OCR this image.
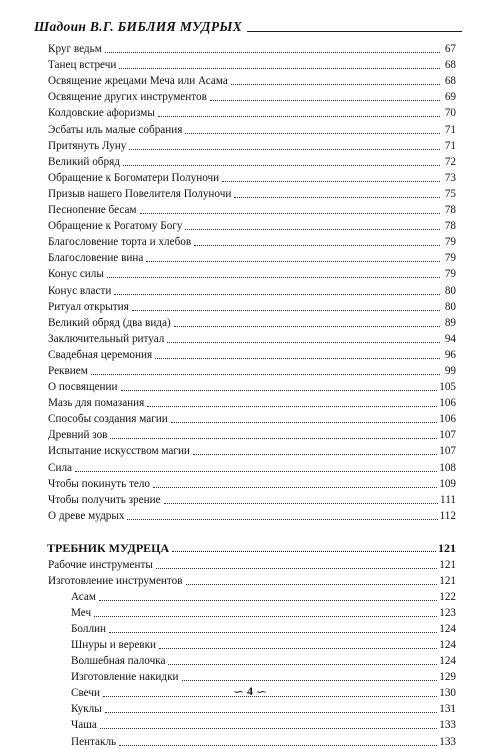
Шадоин В.Г. БИБЛИЯ МУДРЫХ
Круг ведьм	67
Танец встречи	68
Освящение жрецами Меча или Асама	68
Освящение других инструментов	69
Колдовские афоризмы	70
Эсбаты иль малые собрания	71
Притянуть Луну	71
Великий обряд	72
Обращение к Богоматери Полуночи	73
Призыв нашего Повелителя Полуночи	75
Песнопение бесам	78
Обращение к Рогатому Богу	78
Благословение торта и хлебов	79
Благословение вина	79
Конус силы	79
Конус власти	80
Ритуал открытия	80
Великий обряд (два вида)	89
Заключительный ритуал	94
Свадебная церемония	96
Реквием	99
О посвящении	105
Мазь для помазания	106
Способы создания магии	106
Древний зов	107
Испытание искусством магии	107
Сила	108
Чтобы покинуть тело	109
Чтобы получить зрение	111
О древе мудрых	112
ТРЕБНИК МУДРЕЦА	121
Рабочие инструменты	121
Изготовление инструментов	121
Асам	122
Меч	123
Боллин	124
Шнуры и веревки	124
Волшебная палочка	124
Изготовление накидки	129
Свечи	130
Куклы	131
Чаша	133
Пентакль	133
∽ 4 ∽
